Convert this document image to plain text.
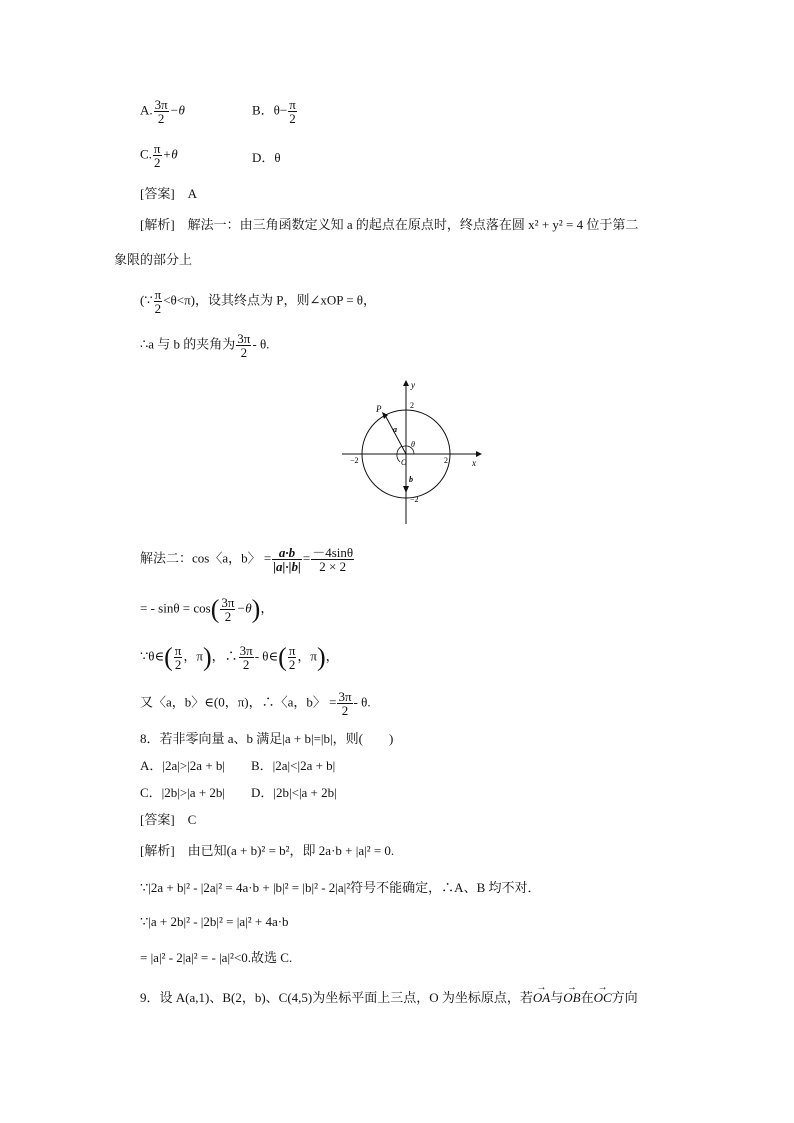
A. $\frac{3\pi}{2} -\theta$	B．$\theta- \frac{\pi}{2}$
C. $\frac{\pi}{2} +\theta$	D．θ
[答案]　A
[解析]　解法一：由三角函数定义知 a 的起点在原点时，终点落在圆 x² + y² = 4 位于第二
象限的部分上
(∵ $\frac{\pi}{2} <\theta<\pi$)，设其终点为 P，则∠xOP = θ，
∴a 与 b 的夹角为 $\frac{3\pi}{2}$ - θ.
x
y
O
P
a
b
θ
2
−2
2
−2
解法二：cos〈a，b〉 = $\frac{a\cdot b}{|a|\cdot|b|} = \frac{-4\sin\theta}{2 \times 2}$
= - $\sin\theta = \cos( \frac{3\pi}{2} -\theta)$，
∵θ∈( $\frac{\pi}{2}$ ，π)，∴ $\frac{3\pi}{2}$ - θ∈( $\frac{\pi}{2}$ ，π)，
又〈a，b〉∈(0，π)，∴〈a，b〉 = $\frac{3\pi}{2}$ - θ.
8．若非零向量 a、b 满足|a + b|=|b|，则(　　)
A．|2a|>|2a + b|　　B．|2a|<|2a + b|
C．|2b|>|a + 2b|　　D．|2b|<|a + 2b|
[答案]　C
[解析]　由已知(a + b)² = b²，即 2a·b + |a|² = 0.
∵|2a + b|² - |2a|² = 4a·b + |b|² = |b|² - 2|a|²符号不能确定，∴A、B 均不对．
∵|a + 2b|² - |2b|² = |a|² + 4a·b
= |a|² - 2|a|² = - |a|²<0.故选 C.
9．设 A(a,1)、B(2，b)、C(4,5)为坐标平面上三点，O 为坐标原点，若→ OA与→ OB在→ OC方向
